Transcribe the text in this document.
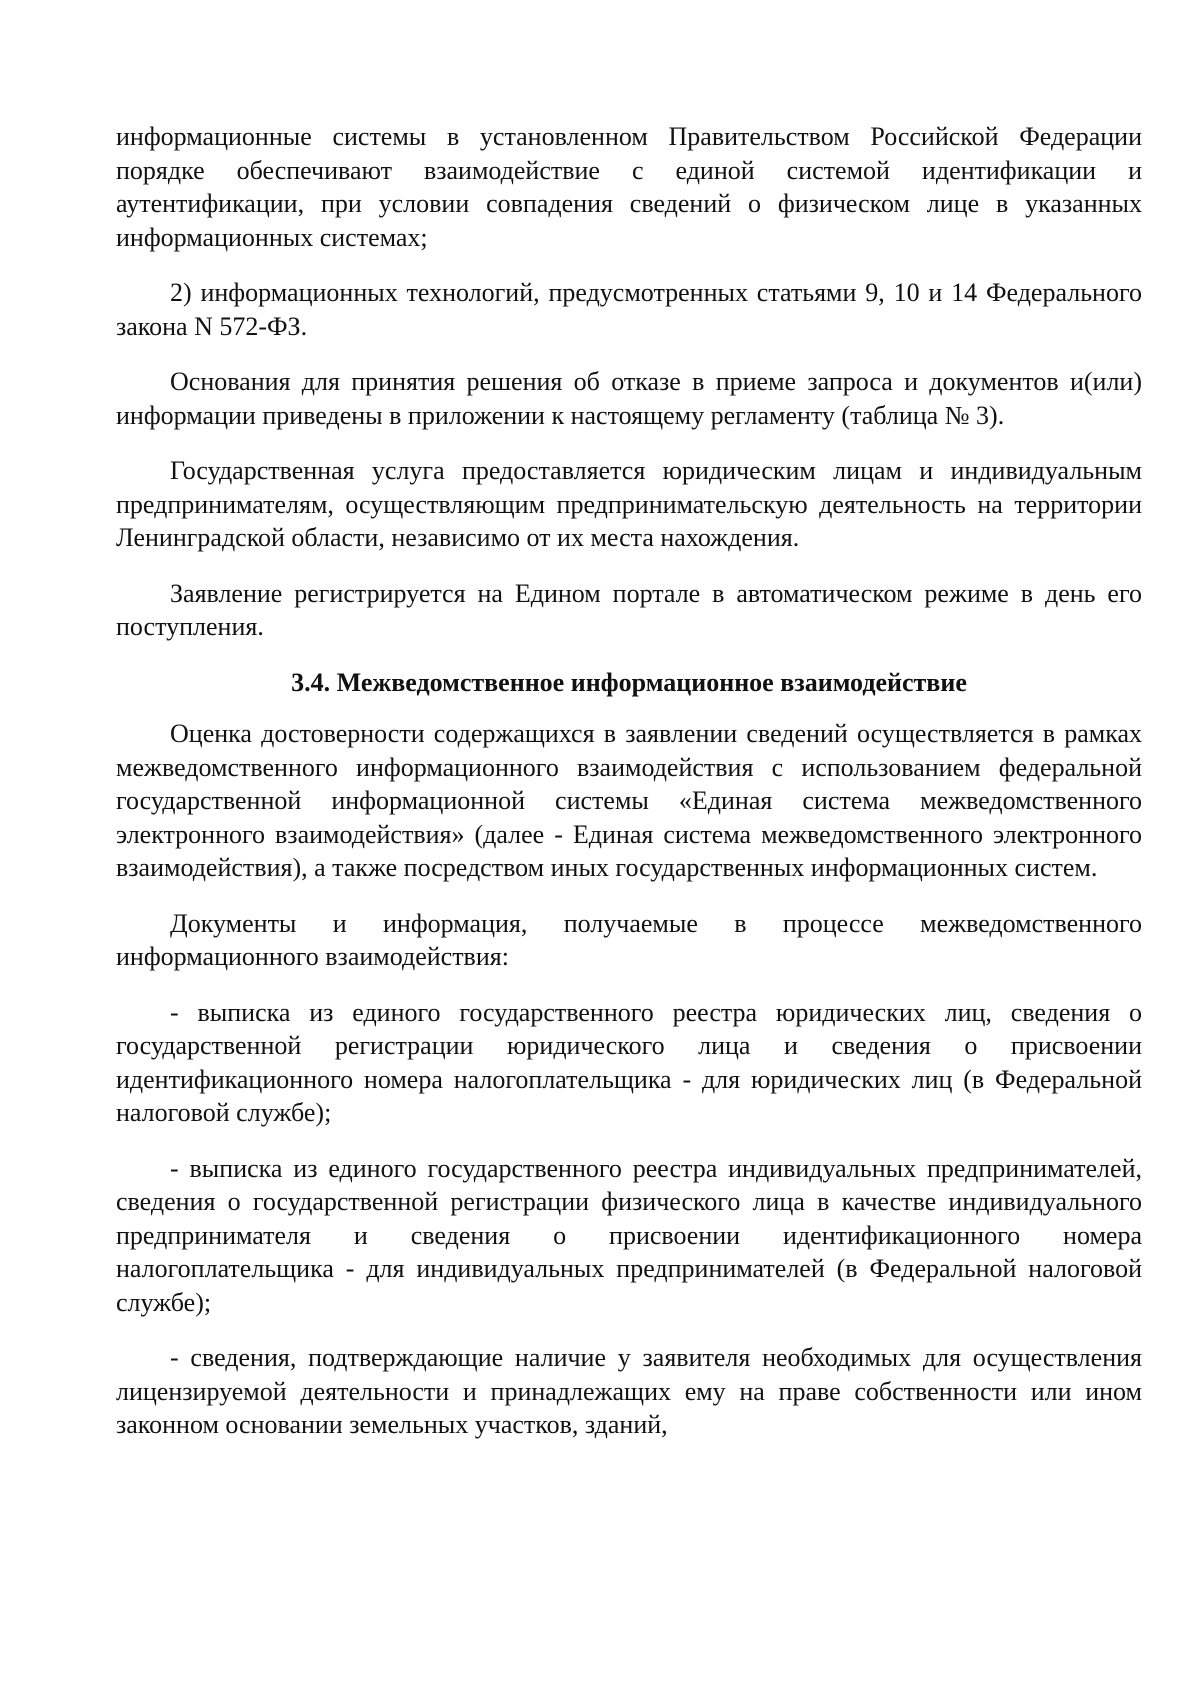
информационные системы в установленном Правительством Российской Федерации порядке обеспечивают взаимодействие с единой системой идентификации и аутентификации, при условии совпадения сведений о физическом лице в указанных информационных системах;

2) информационных технологий, предусмотренных статьями 9, 10 и 14 Федерального закона N 572-ФЗ.

Основания для принятия решения об отказе в приеме запроса и документов и(или) информации приведены в приложении к настоящему регламенту (таблица № 3).

Государственная услуга предоставляется юридическим лицам и индивидуальным предпринимателям, осуществляющим предпринимательскую деятельность на территории Ленинградской области, независимо от их места нахождения.

Заявление регистрируется на Едином портале в автоматическом режиме в день его поступления.

3.4. Межведомственное информационное взаимодействие

Оценка достоверности содержащихся в заявлении сведений осуществляется в рамках межведомственного информационного взаимодействия с использованием федеральной государственной информационной системы «Единая система межведомственного электронного взаимодействия» (далее - Единая система межведомственного электронного взаимодействия), а также посредством иных государственных информационных систем.

Документы и информация, получаемые в процессе межведомственного информационного взаимодействия:

- выписка из единого государственного реестра юридических лиц, сведения о государственной регистрации юридического лица и сведения о присвоении идентификационного номера налогоплательщика - для юридических лиц (в Федеральной налоговой службе);

- выписка из единого государственного реестра индивидуальных предпринимателей, сведения о государственной регистрации физического лица в качестве индивидуального предпринимателя и сведения о присвоении идентификационного номера налогоплательщика - для индивидуальных предпринимателей (в Федеральной налоговой службе);

- сведения, подтверждающие наличие у заявителя необходимых для осуществления лицензируемой деятельности и принадлежащих ему на праве собственности или ином законном основании земельных участков, зданий,
